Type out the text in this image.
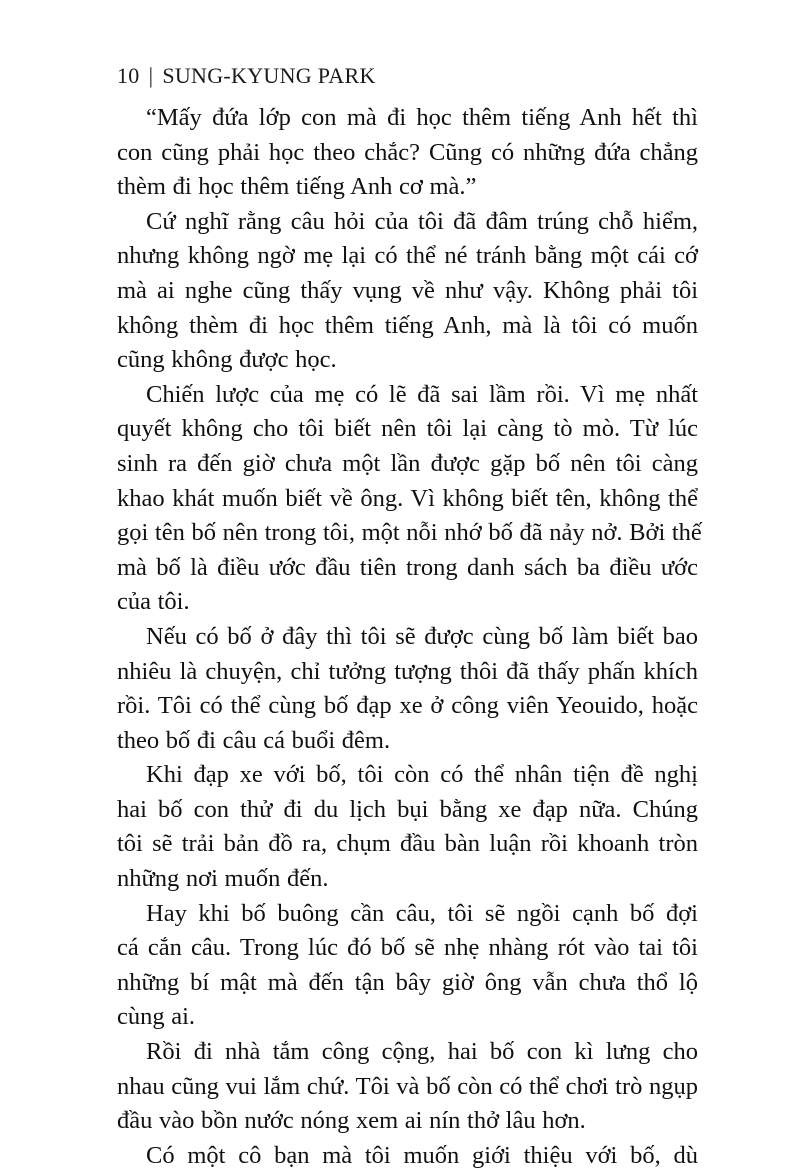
10 | SUNG-KYUNG PARK

“Mấy đứa lớp con mà đi học thêm tiếng Anh hết thì
con cũng phải học theo chắc? Cũng có những đứa chẳng
thèm đi học thêm tiếng Anh cơ mà.”

Cứ nghĩ rằng câu hỏi của tôi đã đâm trúng chỗ hiểm,
nhưng không ngờ mẹ lại có thể né tránh bằng một cái cớ
mà ai nghe cũng thấy vụng về như vậy. Không phải tôi
không thèm đi học thêm tiếng Anh, mà là tôi có muốn
cũng không được học.

Chiến lược của mẹ có lẽ đã sai lầm rồi. Vì mẹ nhất
quyết không cho tôi biết nên tôi lại càng tò mò. Từ lúc
sinh ra đến giờ chưa một lần được gặp bố nên tôi càng
khao khát muốn biết về ông. Vì không biết tên, không thể
gọi tên bố nên trong tôi, một nỗi nhớ bố đã nảy nở. Bởi thế
mà bố là điều ước đầu tiên trong danh sách ba điều ước
của tôi.

Nếu có bố ở đây thì tôi sẽ được cùng bố làm biết bao
nhiêu là chuyện, chỉ tưởng tượng thôi đã thấy phấn khích
rồi. Tôi có thể cùng bố đạp xe ở công viên Yeouido, hoặc
theo bố đi câu cá buổi đêm.

Khi đạp xe với bố, tôi còn có thể nhân tiện đề nghị
hai bố con thử đi du lịch bụi bằng xe đạp nữa. Chúng
tôi sẽ trải bản đồ ra, chụm đầu bàn luận rồi khoanh tròn
những nơi muốn đến.

Hay khi bố buông cần câu, tôi sẽ ngồi cạnh bố đợi
cá cắn câu. Trong lúc đó bố sẽ nhẹ nhàng rót vào tai tôi
những bí mật mà đến tận bây giờ ông vẫn chưa thổ lộ
cùng ai.

Rồi đi nhà tắm công cộng, hai bố con kì lưng cho
nhau cũng vui lắm chứ. Tôi và bố còn có thể chơi trò ngụp
đầu vào bồn nước nóng xem ai nín thở lâu hơn.

Có một cô bạn mà tôi muốn giới thiệu với bố, dù
